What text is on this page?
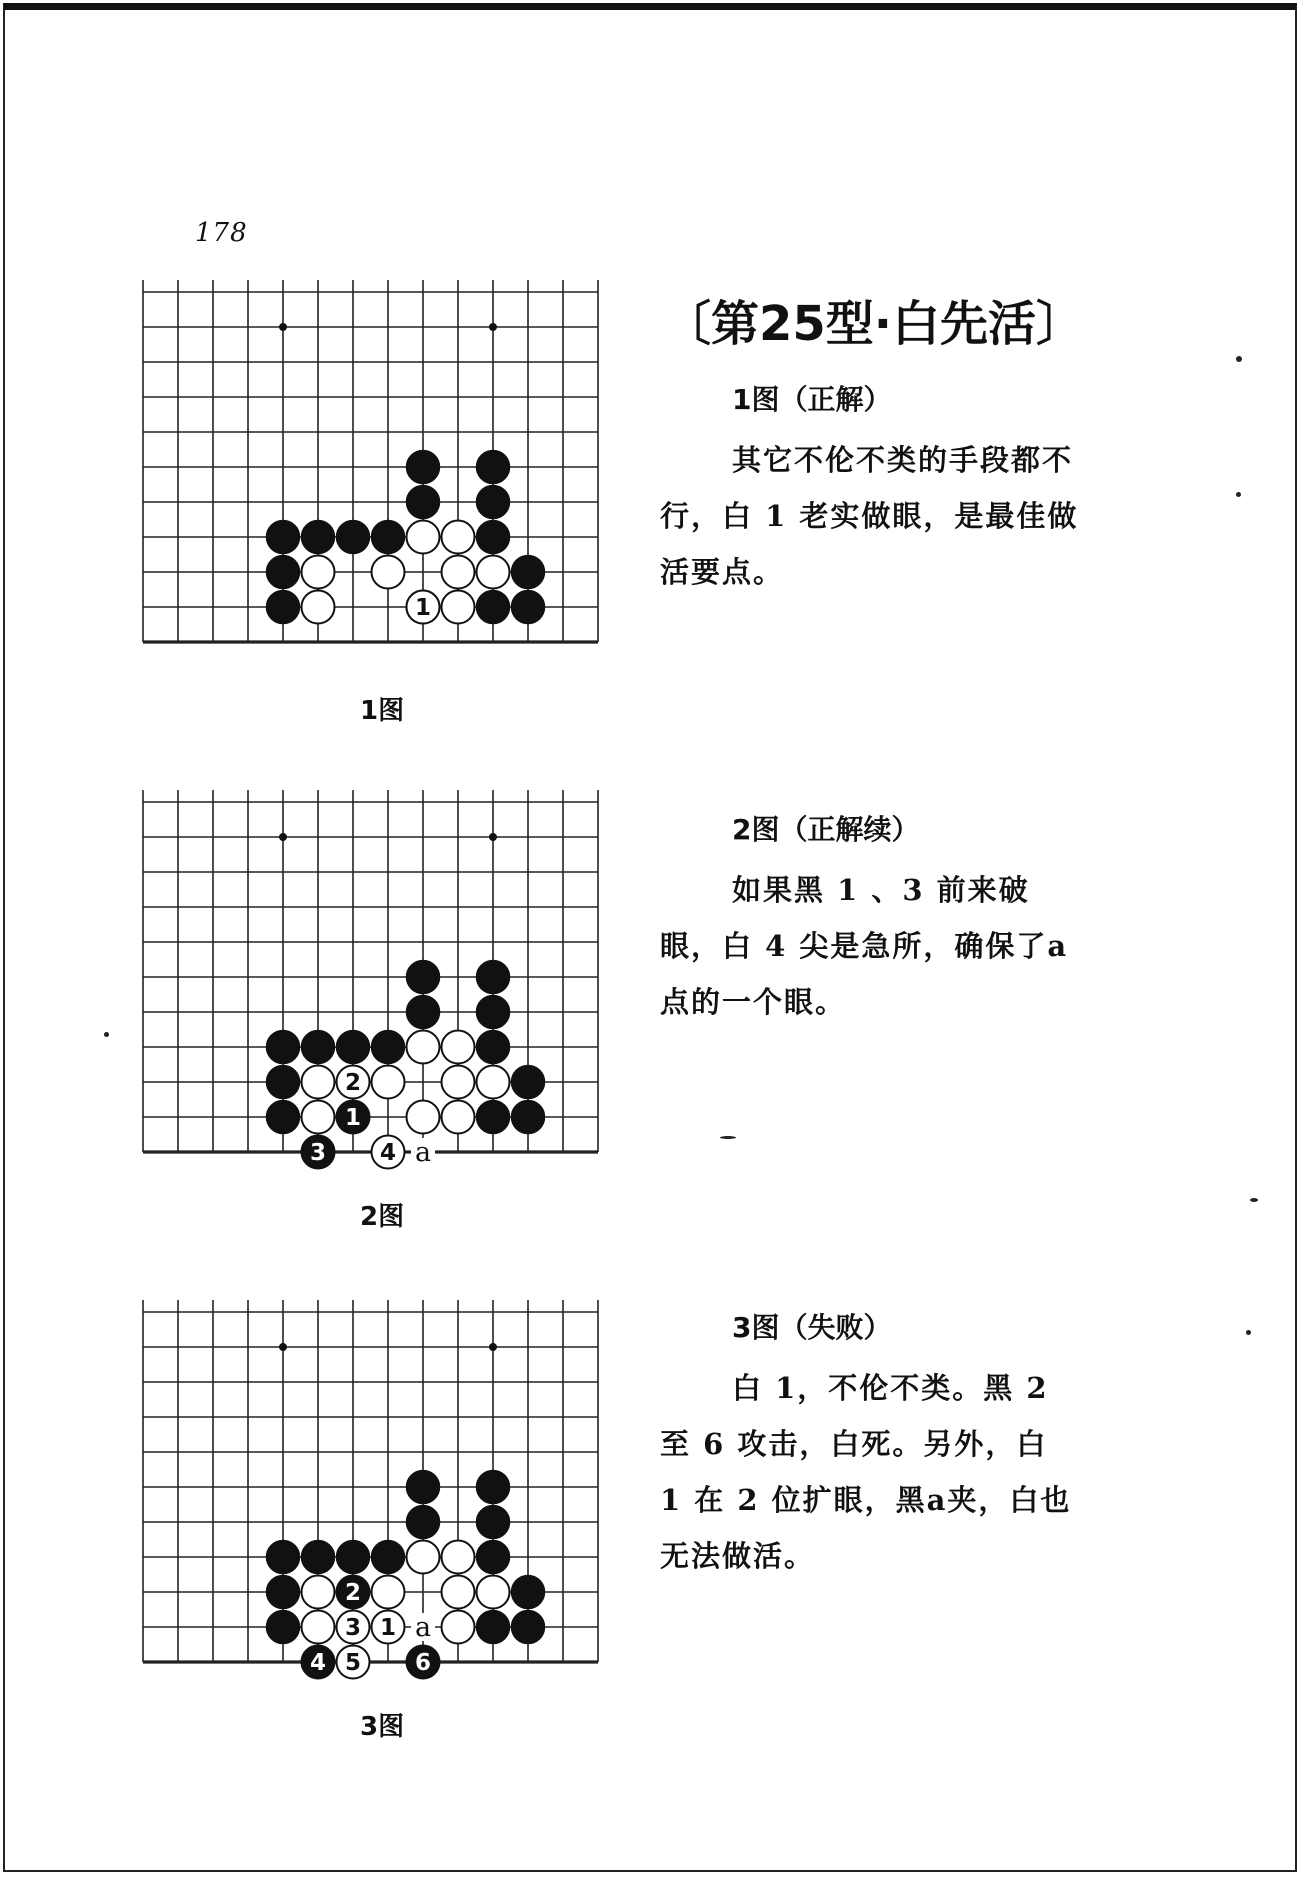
178
1
1图
1
2
3 4 a
2图
1
2
3
4 5 6
a
3图
〔第25型·白先活〕
1图（正解）
其它不伦不类的手段都不行，白 1 老实做眼，是最佳做活要点。
2图（正解续）
如果黑 1 、3 前来破眼，白 4 尖是急所，确保了a点的一个眼。
3图（失败）
白 1，不伦不类。黑 2 至 6 攻击，白死。另外，白 1 在 2 位扩眼，黑a夹，白也无法做活。
